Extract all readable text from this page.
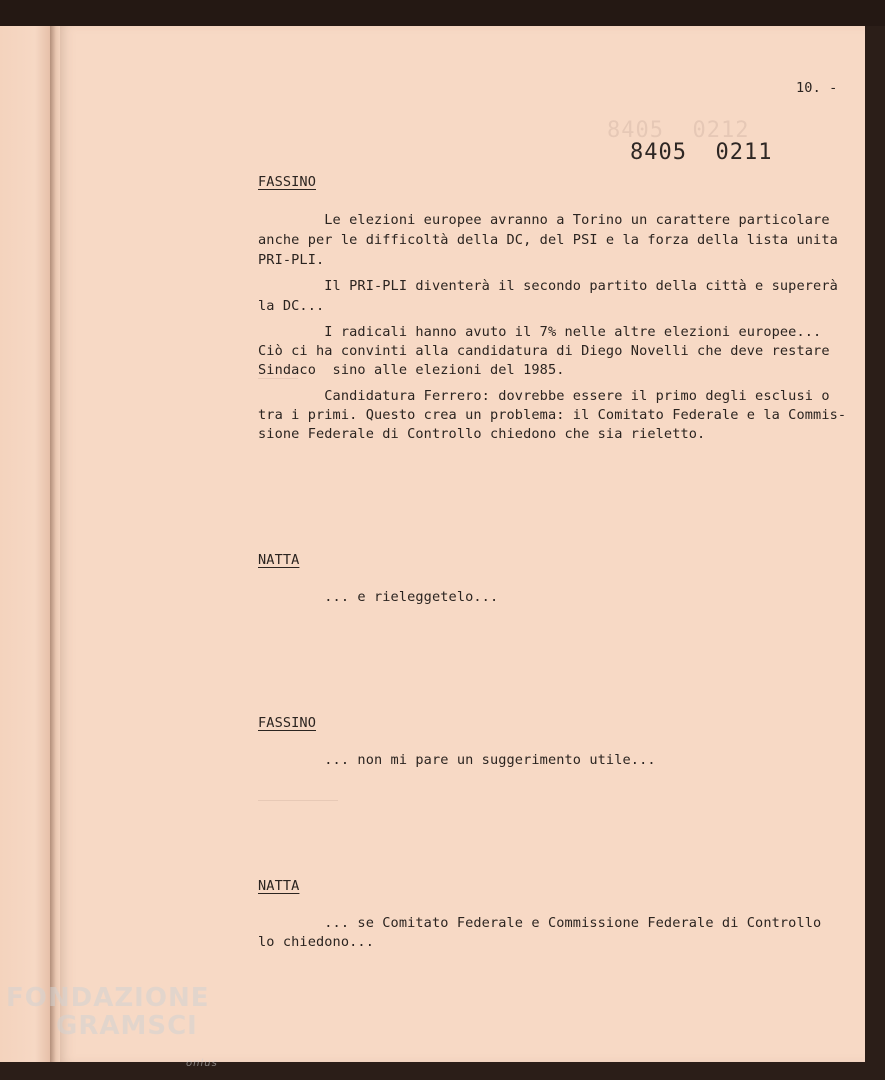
8405  0212
10. -
8405  0211
FASSINO
Le elezioni europee avranno a Torino un carattere particolare
anche per le difficoltà della DC, del PSI e la forza della lista unita
PRI-PLI.
Il PRI-PLI diventerà il secondo partito della città e supererà
la DC...
I radicali hanno avuto il 7% nelle altre elezioni europee...
Ciò ci ha convinti alla candidatura di Diego Novelli che deve restare
Sindaco  sino alle elezioni del 1985.
Candidatura Ferrero: dovrebbe essere il primo degli esclusi o
tra i primi. Questo crea un problema: il Comitato Federale e la Commis-
sione Federale di Controllo chiedono che sia rieletto.
NATTA
... e rieleggetelo...
FASSINO
... non mi pare un suggerimento utile...
NATTA
... se Comitato Federale e Commissione Federale di Controllo
lo chiedono...
FONDAZIONE
GRAMSCI
onlus
